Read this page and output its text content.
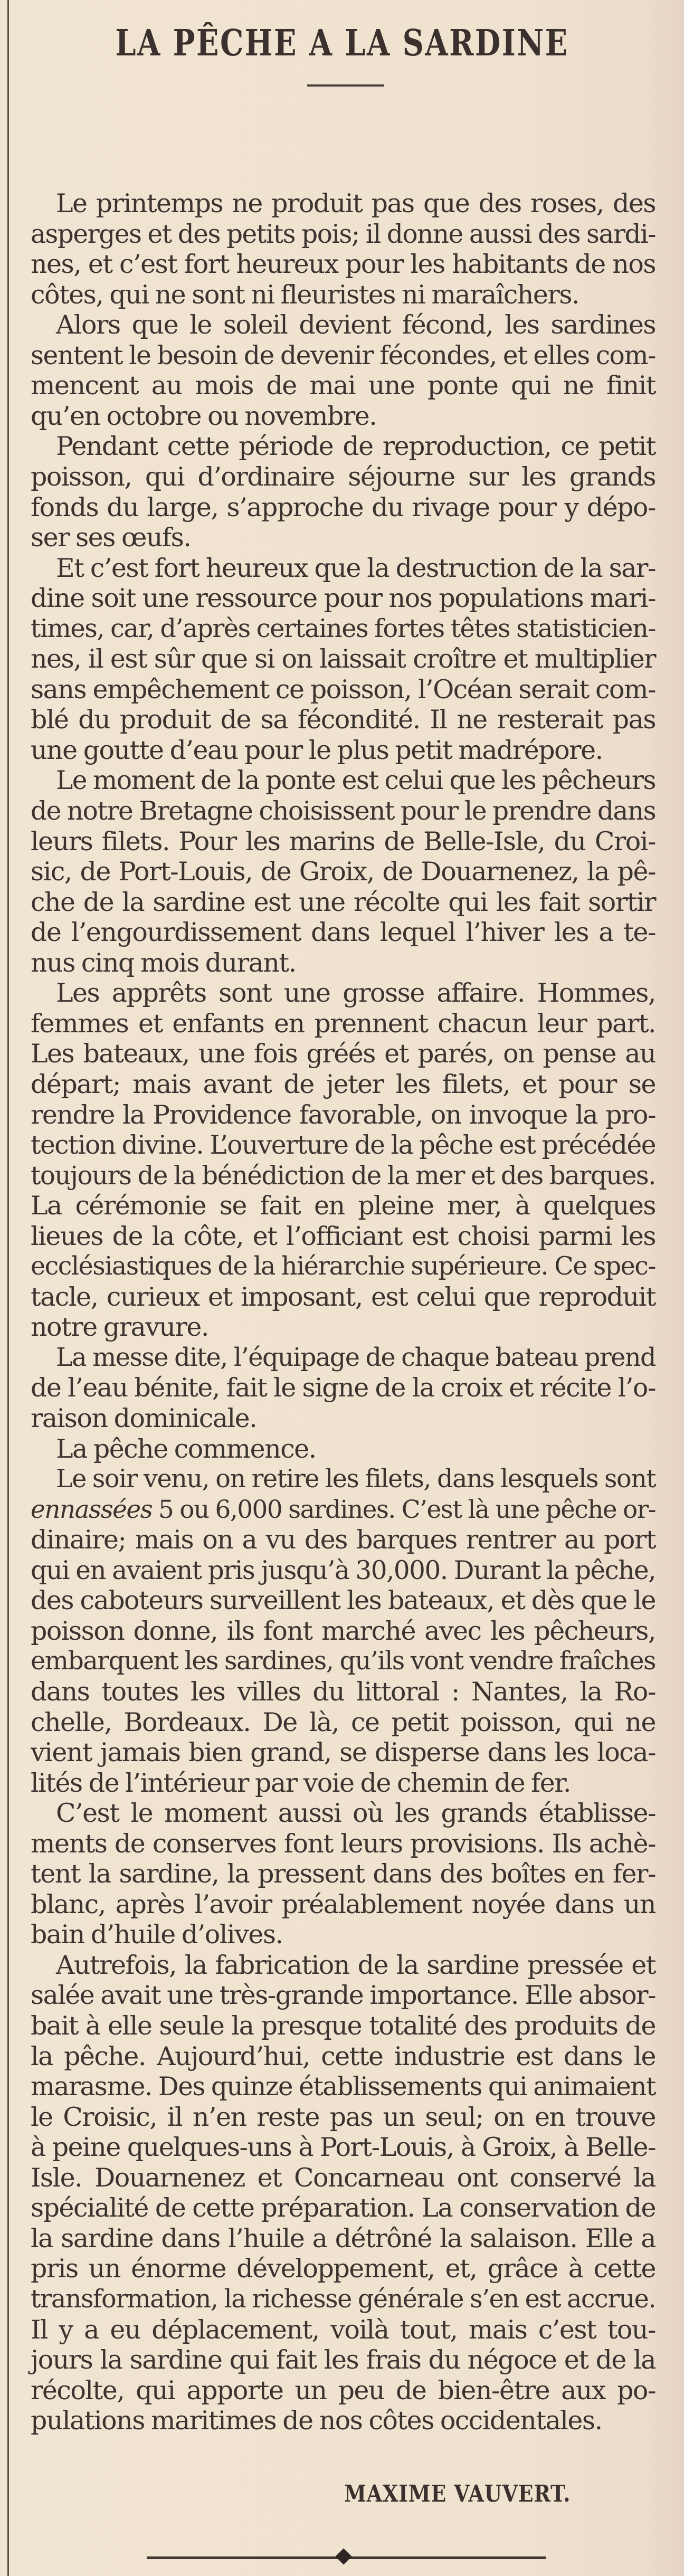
LA PÊCHE A LA SARDINE
Le printemps ne produit pas que des roses, des
asperges et des petits pois; il donne aussi des sardi-
nes, et c’est fort heureux pour les habitants de nos
côtes, qui ne sont ni fleuristes ni maraîchers.
Alors que le soleil devient fécond, les sardines
sentent le besoin de devenir fécondes, et elles com-
mencent au mois de mai une ponte qui ne finit
qu’en octobre ou novembre.
Pendant cette période de reproduction, ce petit
poisson, qui d’ordinaire séjourne sur les grands
fonds du large, s’approche du rivage pour y dépo-
ser ses œufs.
Et c’est fort heureux que la destruction de la sar-
dine soit une ressource pour nos populations mari-
times, car, d’après certaines fortes têtes statisticien-
nes, il est sûr que si on laissait croître et multiplier
sans empêchement ce poisson, l’Océan serait com-
blé du produit de sa fécondité. Il ne resterait pas
une goutte d’eau pour le plus petit madrépore.
Le moment de la ponte est celui que les pêcheurs
de notre Bretagne choisissent pour le prendre dans
leurs filets. Pour les marins de Belle-Isle, du Croi-
sic, de Port-Louis, de Groix, de Douarnenez, la pê-
che de la sardine est une récolte qui les fait sortir
de l’engourdissement dans lequel l’hiver les a te-
nus cinq mois durant.
Les apprêts sont une grosse affaire. Hommes,
femmes et enfants en prennent chacun leur part.
Les bateaux, une fois gréés et parés, on pense au
départ; mais avant de jeter les filets, et pour se
rendre la Providence favorable, on invoque la pro-
tection divine. L’ouverture de la pêche est précédée
toujours de la bénédiction de la mer et des barques.
La cérémonie se fait en pleine mer, à quelques
lieues de la côte, et l’officiant est choisi parmi les
ecclésiastiques de la hiérarchie supérieure. Ce spec-
tacle, curieux et imposant, est celui que reproduit
notre gravure.
La messe dite, l’équipage de chaque bateau prend
de l’eau bénite, fait le signe de la croix et récite l’o-
raison dominicale.
La pêche commence.
Le soir venu, on retire les filets, dans lesquels sont
ennassées 5 ou 6,000 sardines. C’est là une pêche or-
dinaire; mais on a vu des barques rentrer au port
qui en avaient pris jusqu’à 30,000. Durant la pêche,
des caboteurs surveillent les bateaux, et dès que le
poisson donne, ils font marché avec les pêcheurs,
embarquent les sardines, qu’ils vont vendre fraîches
dans toutes les villes du littoral : Nantes, la Ro-
chelle, Bordeaux. De là, ce petit poisson, qui ne
vient jamais bien grand, se disperse dans les loca-
lités de l’intérieur par voie de chemin de fer.
C’est le moment aussi où les grands établisse-
ments de conserves font leurs provisions. Ils achè-
tent la sardine, la pressent dans des boîtes en fer-
blanc, après l’avoir préalablement noyée dans un
bain d’huile d’olives.
Autrefois, la fabrication de la sardine pressée et
salée avait une très-grande importance. Elle absor-
bait à elle seule la presque totalité des produits de
la pêche. Aujourd’hui, cette industrie est dans le
marasme. Des quinze établissements qui animaient
le Croisic, il n’en reste pas un seul; on en trouve
à peine quelques-uns à Port-Louis, à Groix, à Belle-
Isle. Douarnenez et Concarneau ont conservé la
spécialité de cette préparation. La conservation de
la sardine dans l’huile a détrôné la salaison. Elle a
pris un énorme développement, et, grâce à cette
transformation, la richesse générale s’en est accrue.
Il y a eu déplacement, voilà tout, mais c’est tou-
jours la sardine qui fait les frais du négoce et de la
récolte, qui apporte un peu de bien-être aux po-
pulations maritimes de nos côtes occidentales.
MAXIME VAUVERT.
